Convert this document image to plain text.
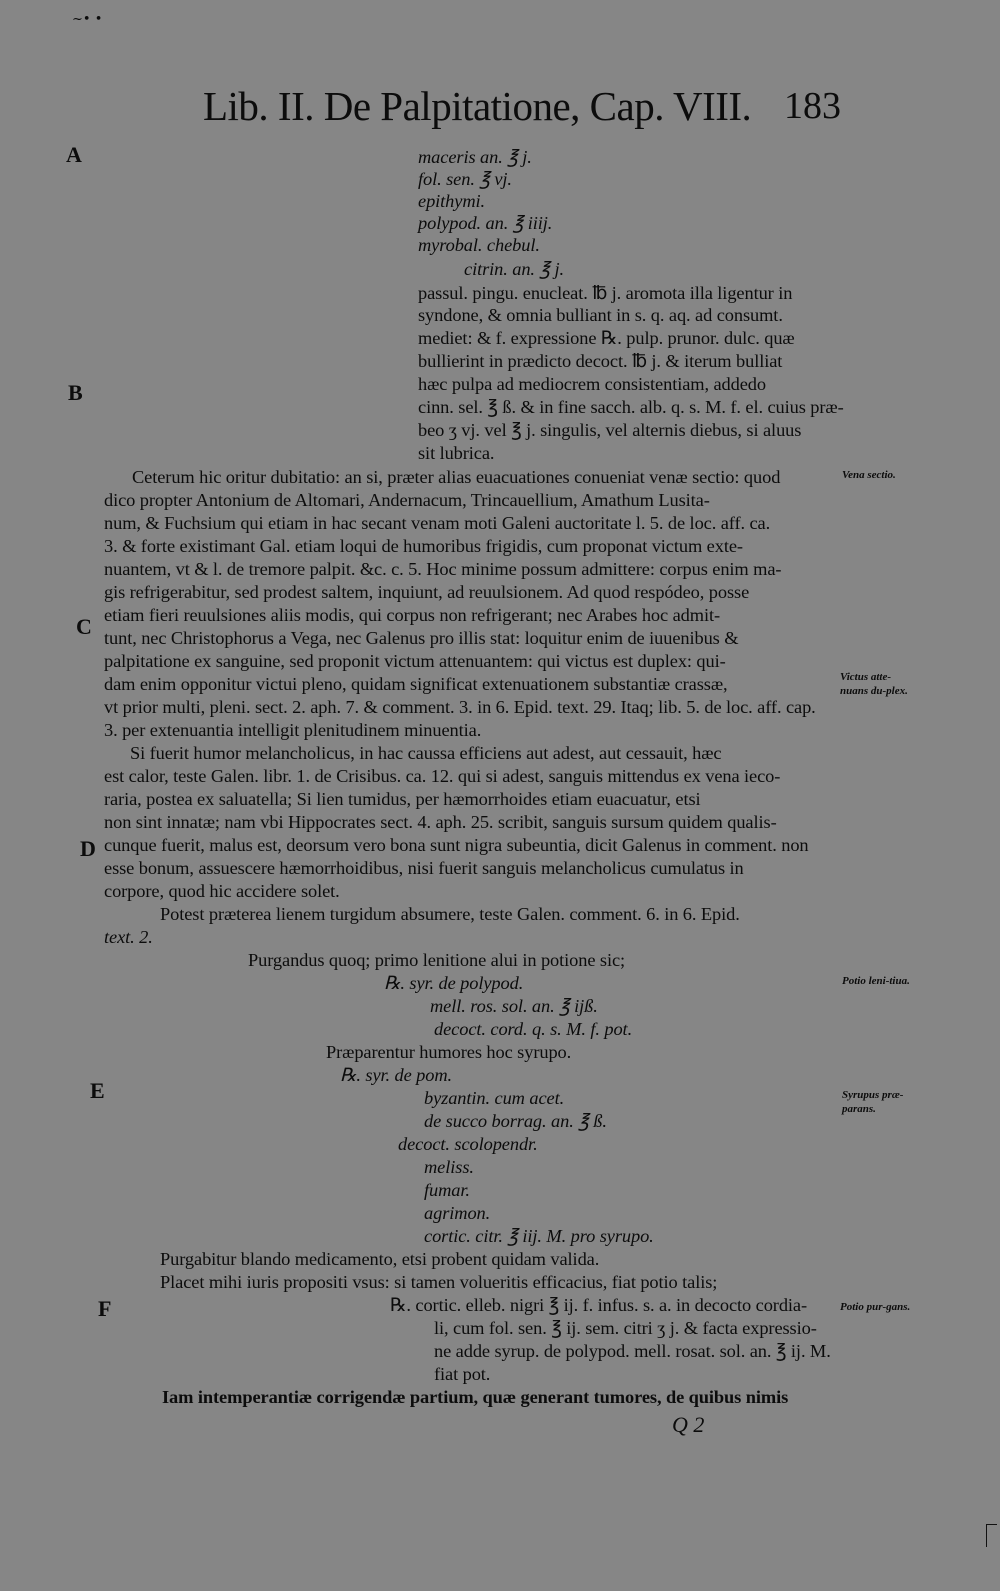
~• •
Lib. II. De Palpitatione, Cap. VIII. 183
A
B
C
D
E
F
maceris an. ℥ j.
fol. sen. ℥ vj.
epithymi.
polypod. an. ℥ iiij.
myrobal. chebul.
citrin. an. ℥ j.
passul. pingu. enucleat. ℔ j. aromota illa ligentur in
syndone, & omnia bulliant in s. q. aq. ad consumt.
mediet: & f. expressione ℞. pulp. prunor. dulc. quæ
bullierint in prædicto decoct. ℔ j. & iterum bulliat
hæc pulpa ad mediocrem consistentiam, addedo
cinn. sel. ℥ ß. & in fine sacch. alb. q. s. M. f. el. cuius præ-
beo ʒ vj. vel ℥ j. singulis, vel alternis diebus, si aluus
sit lubrica.
Ceterum hic oritur dubitatio: an si, præter alias euacuationes conueniat venæ sectio: quod
dico propter Antonium de Altomari, Andernacum, Trincauellium, Amathum Lusita-
num, & Fuchsium qui etiam in hac secant venam moti Galeni auctoritate l. 5. de loc. aff. ca.
3. & forte existimant Gal. etiam loqui de humoribus frigidis, cum proponat victum exte-
nuantem, vt & l. de tremore palpit. &c. c. 5. Hoc minime possum admittere: corpus enim ma-
gis refrigerabitur, sed prodest saltem, inquiunt, ad reuulsionem. Ad quod respódeo, posse
etiam fieri reuulsiones aliis modis, qui corpus non refrigerant; nec Arabes hoc admit-
tunt, nec Christophorus a Vega, nec Galenus pro illis stat: loquitur enim de iuuenibus &
palpitatione ex sanguine, sed proponit victum attenuantem: qui victus est duplex: qui-
dam enim opponitur victui pleno, quidam significat extenuationem substantiæ crassæ,
vt prior multi, pleni. sect. 2. aph. 7. & comment. 3. in 6. Epid. text. 29. Itaq; lib. 5. de loc. aff. cap.
3. per extenuantia intelligit plenitudinem minuentia.
Si fuerit humor melancholicus, in hac caussa efficiens aut adest, aut cessauit, hæc
est calor, teste Galen. libr. 1. de Crisibus. ca. 12. qui si adest, sanguis mittendus ex vena ieco-
raria, postea ex saluatella; Si lien tumidus, per hæmorrhoides etiam euacuatur, etsi
non sint innatæ; nam vbi Hippocrates sect. 4. aph. 25. scribit, sanguis sursum quidem qualis-
cunque fuerit, malus est, deorsum vero bona sunt nigra subeuntia, dicit Galenus in comment. non
esse bonum, assuescere hæmorrhoidibus, nisi fuerit sanguis melancholicus cumulatus in
corpore, quod hic accidere solet.
Potest præterea lienem turgidum absumere, teste Galen. comment. 6. in 6. Epid.
text. 2.
Purgandus quoq; primo lenitione alui in potione sic;
℞. syr. de polypod.
mell. ros. sol. an. ℥ ijß.
decoct. cord. q. s. M. f. pot.
Præparentur humores hoc syrupo.
℞. syr. de pom.
byzantin. cum acet.
de succo borrag. an. ℥ ß.
decoct. scolopendr.
meliss.
fumar.
agrimon.
cortic. citr. ℥ iij. M. pro syrupo.
Purgabitur blando medicamento, etsi probent quidam valida.
Placet mihi iuris propositi vsus: si tamen volueritis efficacius, fiat potio talis;
℞. cortic. elleb. nigri ℥ ij. f. infus. s. a. in decocto cordia-
li, cum fol. sen. ℥ ij. sem. citri ʒ j. & facta expressio-
ne adde syrup. de polypod. mell. rosat. sol. an. ℥ ij. M.
fiat pot.
Iam intemperantiæ corrigendæ partium, quæ generant tumores, de quibus nimis
Q 2
Vena sectio.
Victus atte-nuans du-plex.
Potio leni-tiua.
Syrupus præ-parans.
Potio pur-gans.
